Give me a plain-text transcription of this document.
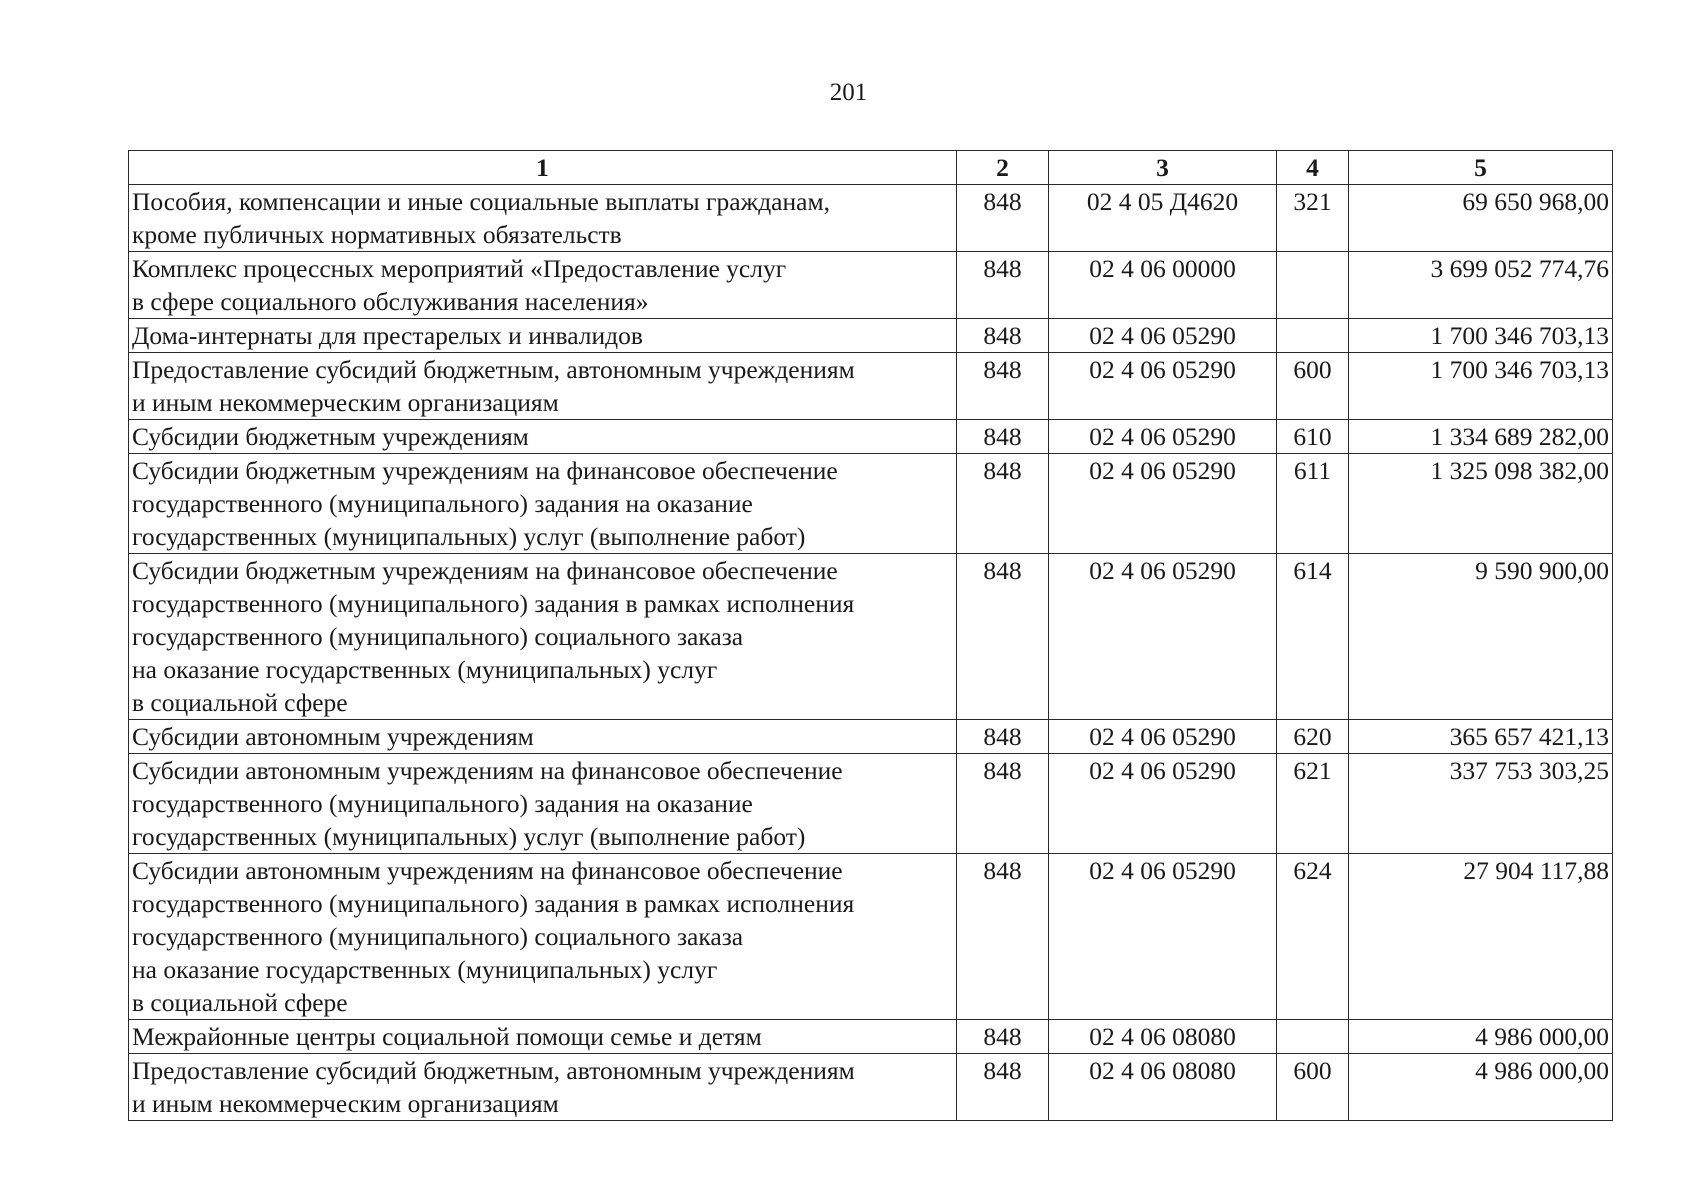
201
1	2	3	4	5
Пособия, компенсации и иные социальные выплаты гражданам,
кроме публичных нормативных обязательств	848	02 4 05 Д4620	321	69 650 968,00
Комплекс процессных мероприятий «Предоставление услуг
в сфере социального обслуживания населения»	848	02 4 06 00000		3 699 052 774,76
Дома-интернаты для престарелых и инвалидов	848	02 4 06 05290		1 700 346 703,13
Предоставление субсидий бюджетным, автономным учреждениям
и иным некоммерческим организациям	848	02 4 06 05290	600	1 700 346 703,13
Субсидии бюджетным учреждениям	848	02 4 06 05290	610	1 334 689 282,00
Субсидии бюджетным учреждениям на финансовое обеспечение
государственного (муниципального) задания на оказание
государственных (муниципальных) услуг (выполнение работ)	848	02 4 06 05290	611	1 325 098 382,00
Субсидии бюджетным учреждениям на финансовое обеспечение
государственного (муниципального) задания в рамках исполнения
государственного (муниципального) социального заказа
на оказание государственных (муниципальных) услуг
в социальной сфере	848	02 4 06 05290	614	9 590 900,00
Субсидии автономным учреждениям	848	02 4 06 05290	620	365 657 421,13
Субсидии автономным учреждениям на финансовое обеспечение
государственного (муниципального) задания на оказание
государственных (муниципальных) услуг (выполнение работ)	848	02 4 06 05290	621	337 753 303,25
Субсидии автономным учреждениям на финансовое обеспечение
государственного (муниципального) задания в рамках исполнения
государственного (муниципального) социального заказа
на оказание государственных (муниципальных) услуг
в социальной сфере	848	02 4 06 05290	624	27 904 117,88
Межрайонные центры социальной помощи семье и детям	848	02 4 06 08080		4 986 000,00
Предоставление субсидий бюджетным, автономным учреждениям
и иным некоммерческим организациям	848	02 4 06 08080	600	4 986 000,00
